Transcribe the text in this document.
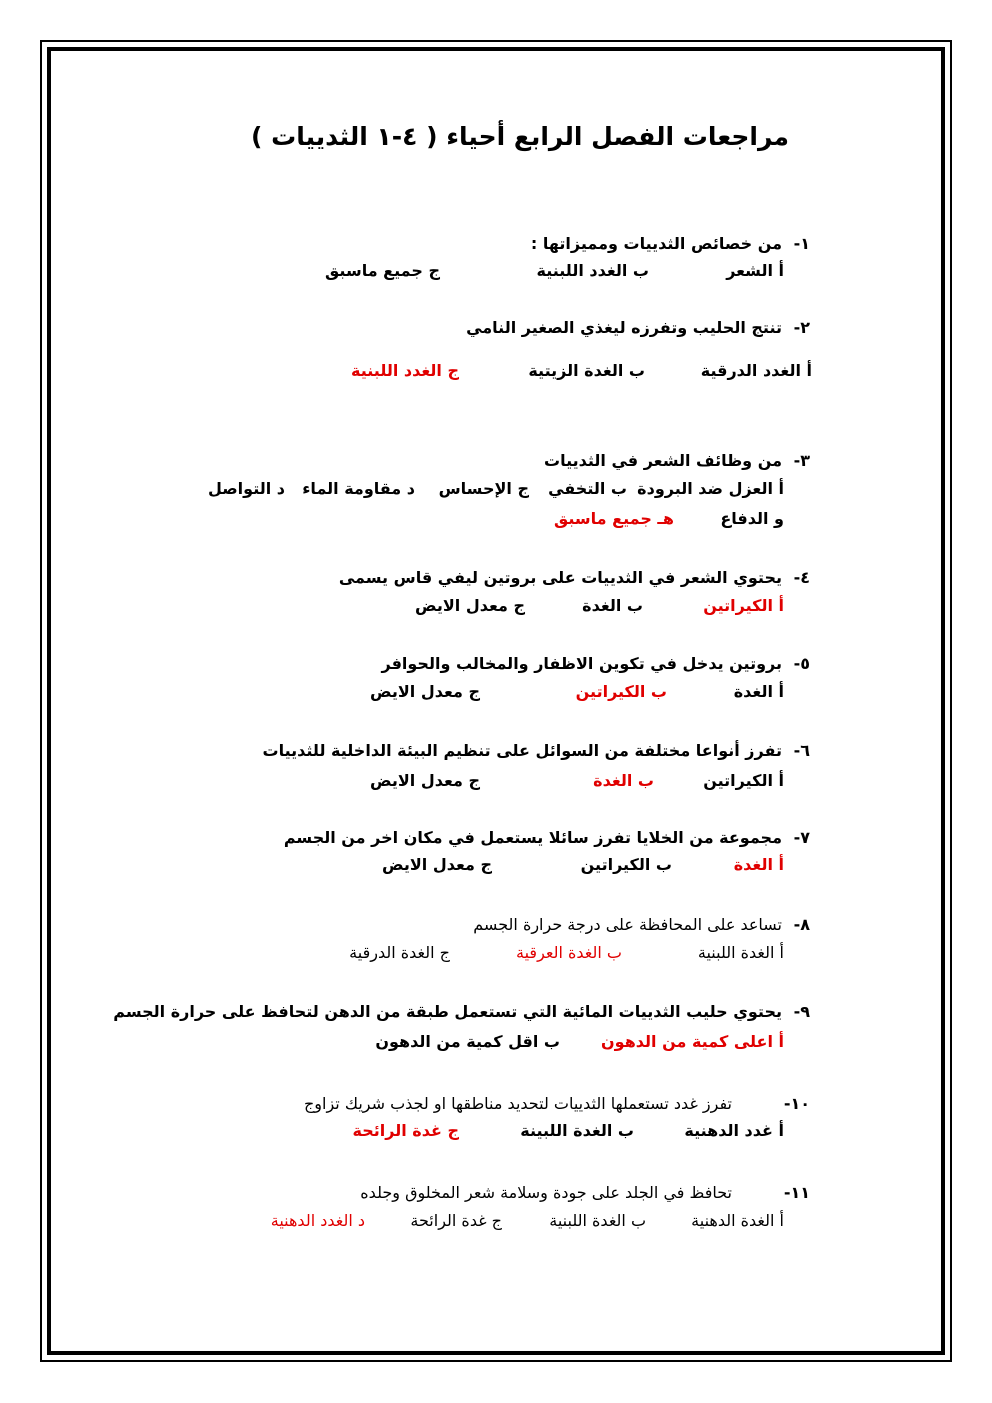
مراجعات الفصل الرابع أحياء ( ٤-١ الثدييات )
١-
من خصائص الثدييات ومميزاتها :
أ الشعر
ب الغدد اللبنية
ج جميع ماسبق
٢-
تنتج الحليب وتفرزه ليغذي الصغير النامي
أ الغدد الدرقية
ب الغدة الزيتية
ج الغدد اللبنية
٣-
من وظائف الشعر في الثدييات
أ العزل ضد البرودة
ب التخفي
ج الإحساس
د مقاومة الماء
د التواصل
و الدفاع
هـ جميع ماسبق
٤-
يحتوي الشعر في الثدييات على بروتين ليفي قاس يسمى
أ الكيراتين
ب الغدة
ج معدل الايض
٥-
بروتين يدخل في تكوين الاظفار والمخالب والحوافر
أ الغدة
ب الكيراتين
ج معدل الايض
٦-
تفرز أنواعا مختلفة من السوائل على تنظيم البيئة الداخلية للثدييات
أ الكيراتين
ب الغدة
ج معدل الايض
٧-
مجموعة من الخلايا تفرز سائلا يستعمل في مكان اخر من الجسم
أ الغدة
ب الكيراتين
ج معدل الايض
٨-
تساعد على المحافظة على درجة حرارة الجسم
أ الغدة اللبنية
ب الغدة العرقية
ج الغدة الدرقية
٩-
يحتوي حليب الثدييات المائية التي تستعمل طبقة من الدهن لتحافظ على حرارة الجسم
أ اعلى كمية من الدهون
ب اقل كمية من الدهون
١٠-
تفرز غدد تستعملها الثدييات لتحديد مناطقها او لجذب شريك تزاوج
أ غدد الدهنية
ب الغدة اللبينة
ج غدة الرائحة
١١-
تحافظ في الجلد على جودة وسلامة شعر المخلوق وجلده
أ الغدة الدهنية
ب الغدة اللبنية
ج غدة الرائحة
د الغدد الدهنية
